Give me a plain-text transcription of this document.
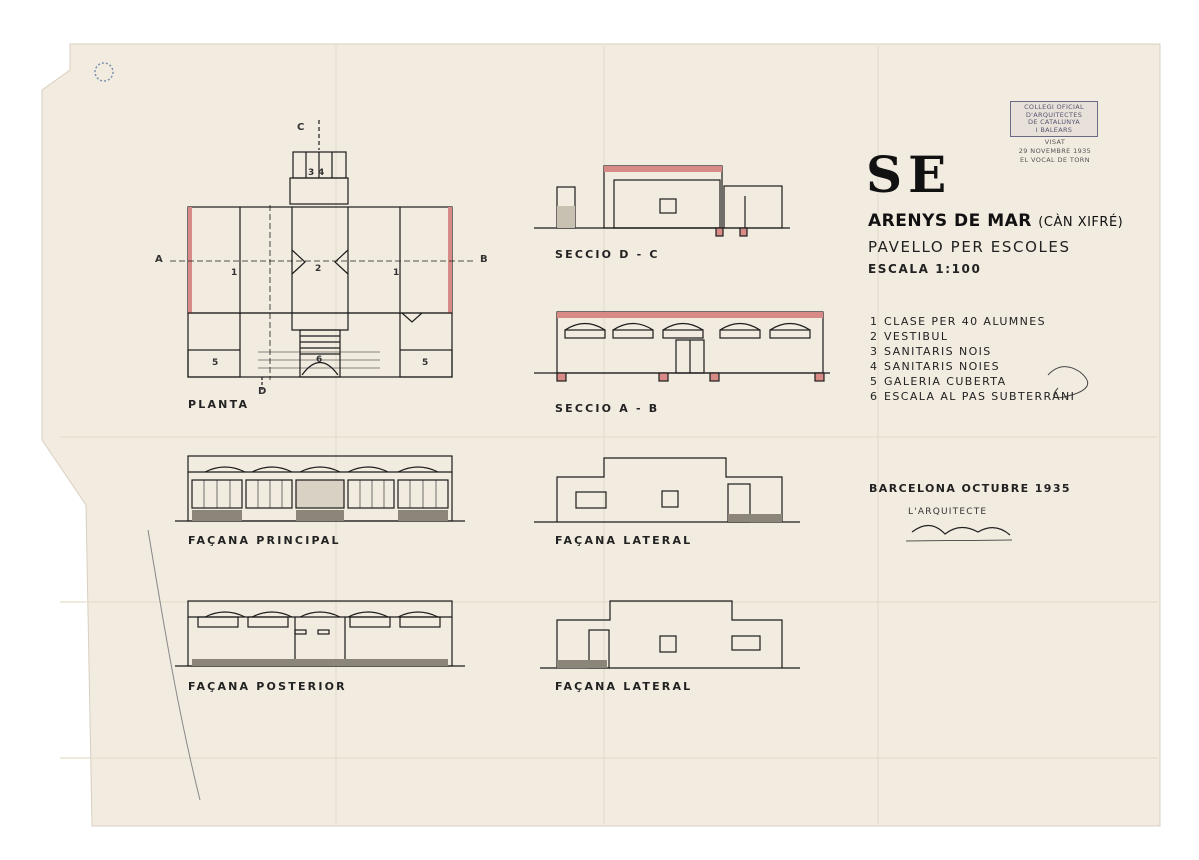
A	B
C
D
1	2	1
3 4
5	5
6
PLANTA
SECCIO D - C
SECCIO A - B
FAÇANA PRINCIPAL	FAÇANA LATERAL
FAÇANA POSTERIOR	FAÇANA LATERAL
SE
ARENYS DE MAR (CÀN XIFRÉ)
PAVELLO PER ESCOLES
ESCALA 1:100
1 CLASE PER 40 ALUMNES
2 VESTIBUL
3 SANITARIS NOIS
4 SANITARIS NOIES
5 GALERIA CUBERTA
6 ESCALA AL PAS SUBTERRANI
BARCELONA OCTUBRE 1935
L'ARQUITECTE
COLLEGI OFICIAL
D'ARQUITECTES
DE CATALUNYA
I BALEARS
VISAT
29 NOVEMBRE 1935
EL VOCAL DE TORN
